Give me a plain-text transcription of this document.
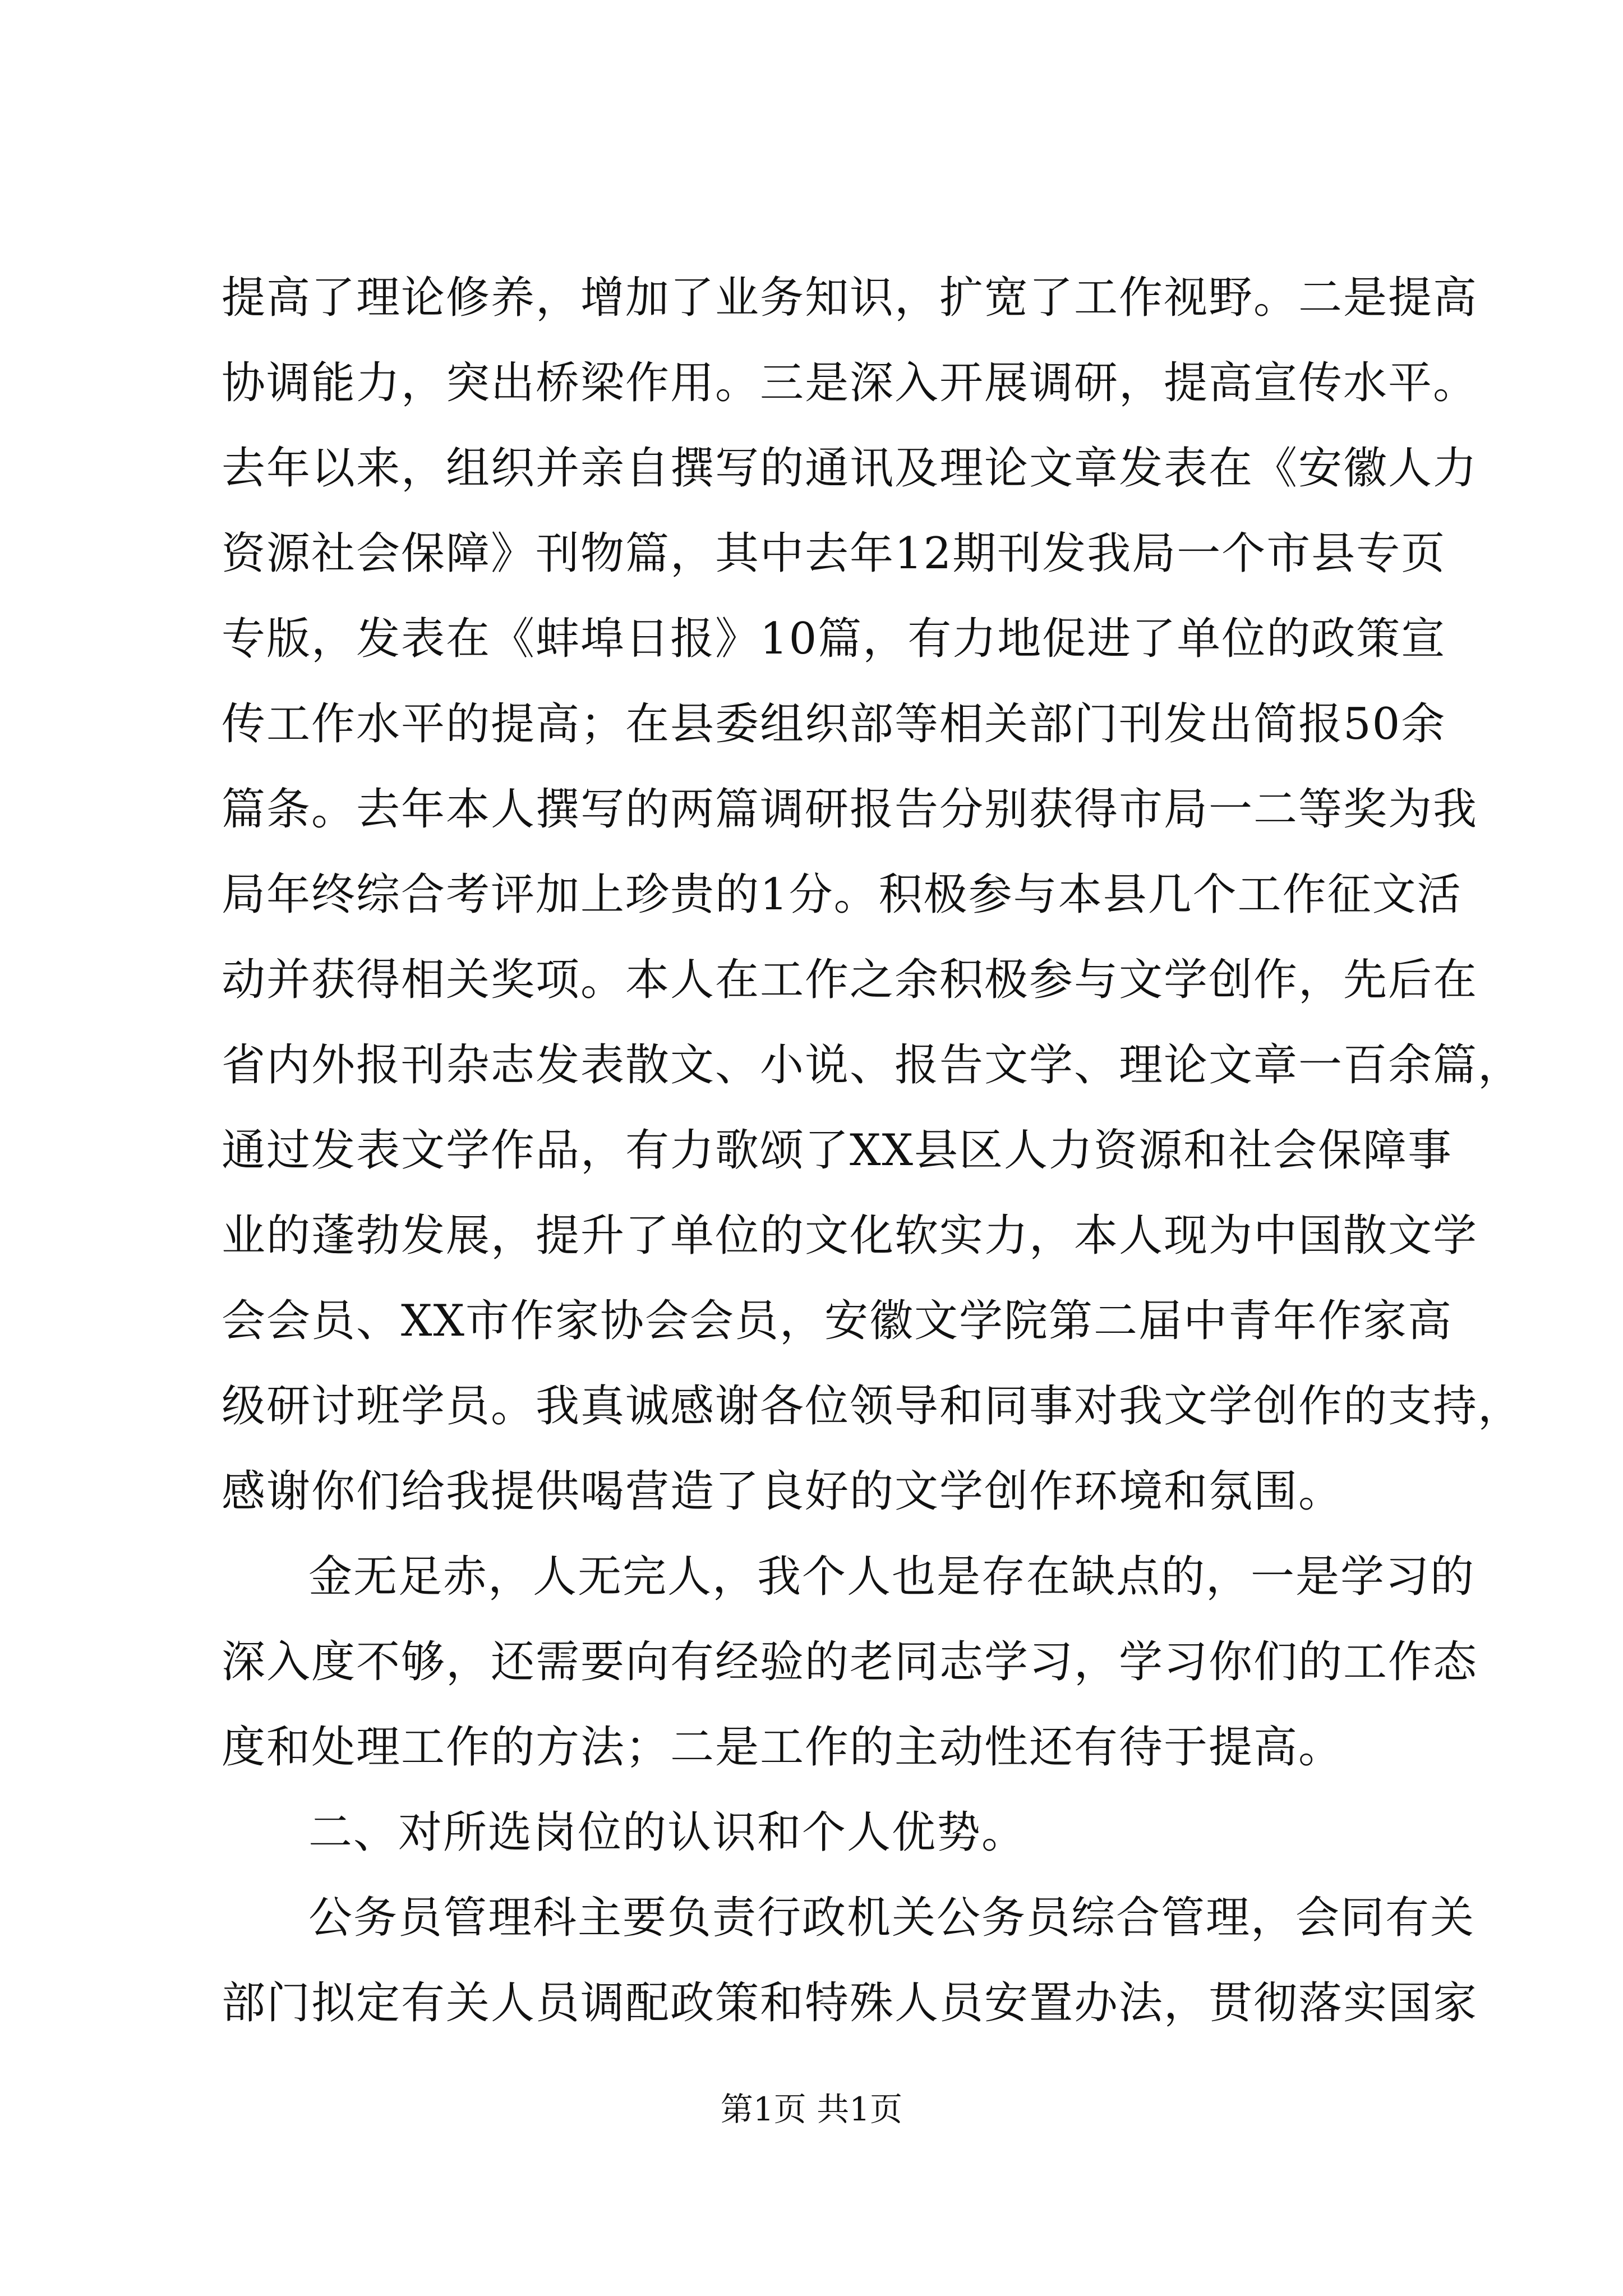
提高了理论修养，增加了业务知识，扩宽了工作视野。二是提高
协调能力，突出桥梁作用。三是深入开展调研，提高宣传水平。
去年以来，组织并亲自撰写的通讯及理论文章发表在《安徽人力
资源社会保障》刊物篇，其中去年12期刊发我局一个市县专页
专版，发表在《蚌埠日报》10篇，有力地促进了单位的政策宣
传工作水平的提高；在县委组织部等相关部门刊发出简报50余
篇条。去年本人撰写的两篇调研报告分别获得市局一二等奖为我
局年终综合考评加上珍贵的1分。积极参与本县几个工作征文活
动并获得相关奖项。本人在工作之余积极参与文学创作，先后在
省内外报刊杂志发表散文、小说、报告文学、理论文章一百余篇，
通过发表文学作品，有力歌颂了XX县区人力资源和社会保障事
业的蓬勃发展，提升了单位的文化软实力，本人现为中国散文学
会会员、XX市作家协会会员，安徽文学院第二届中青年作家高
级研讨班学员。我真诚感谢各位领导和同事对我文学创作的支持，
感谢你们给我提供喝营造了良好的文学创作环境和氛围。
金无足赤，人无完人，我个人也是存在缺点的，一是学习的
深入度不够，还需要向有经验的老同志学习，学习你们的工作态
度和处理工作的方法；二是工作的主动性还有待于提高。
二、对所选岗位的认识和个人优势。
公务员管理科主要负责行政机关公务员综合管理，会同有关
部门拟定有关人员调配政策和特殊人员安置办法，贯彻落实国家
第1页 共1页
